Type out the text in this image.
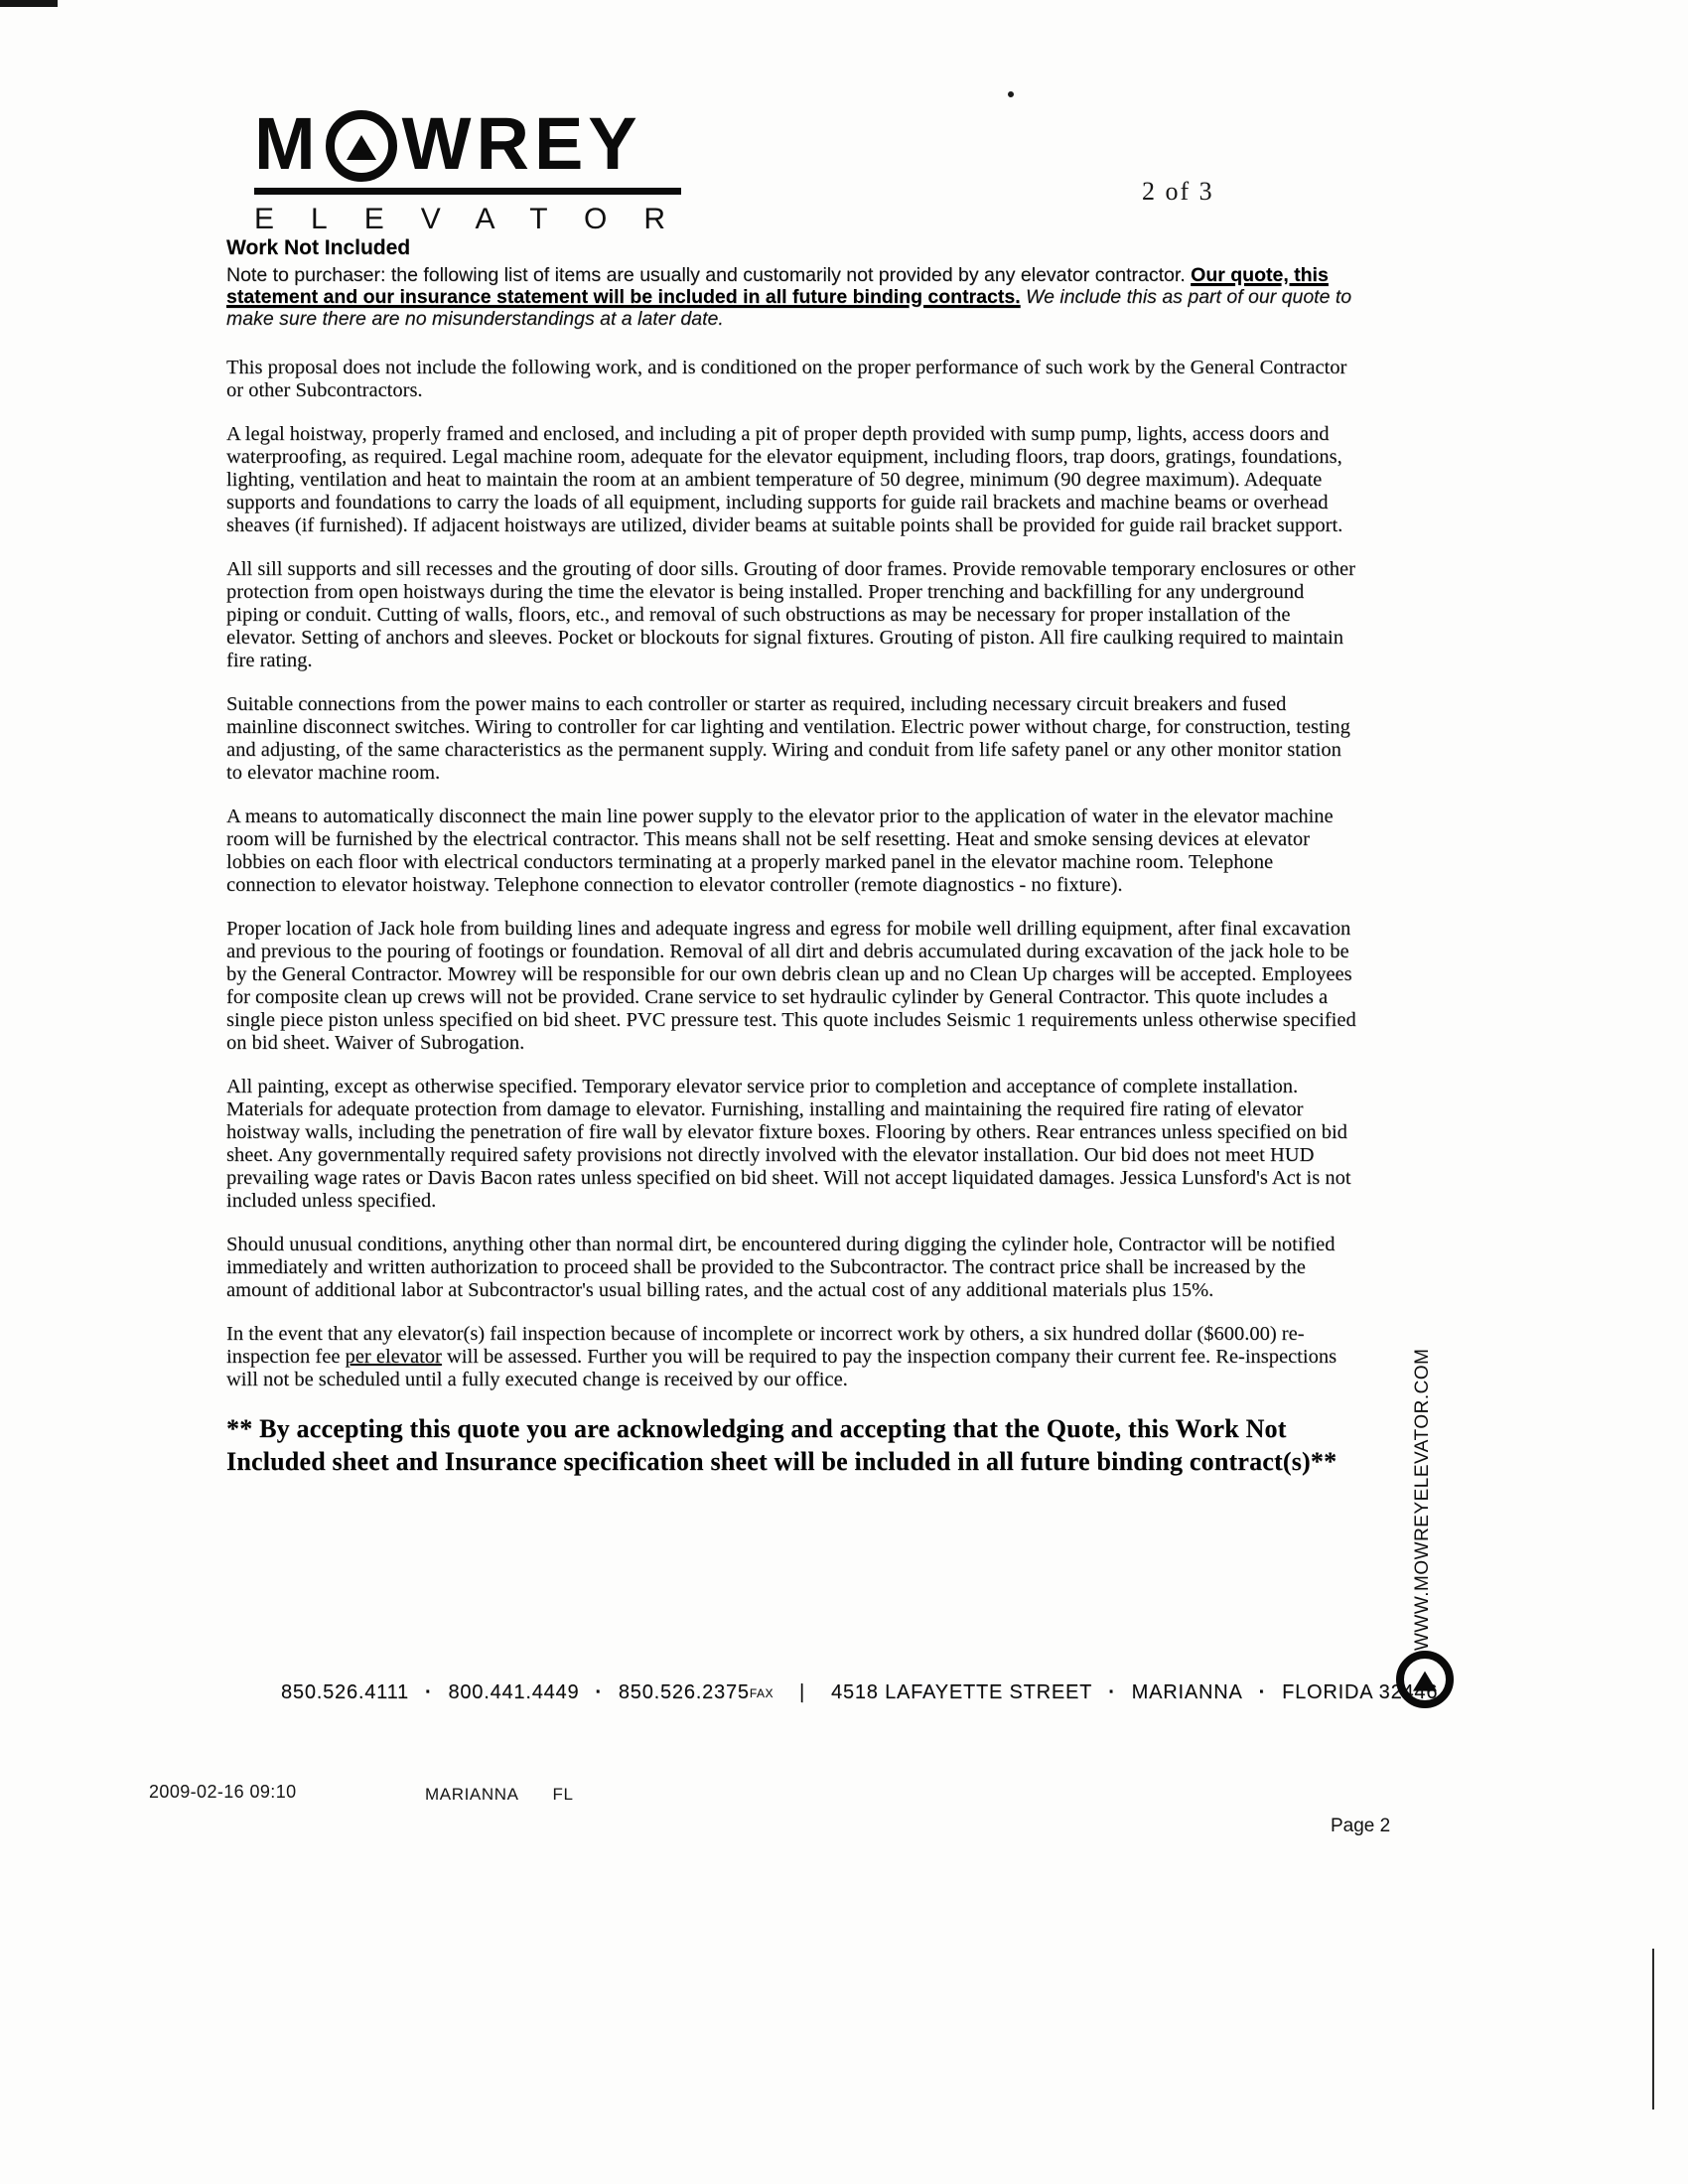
M WREY
ELEVATOR
2 of 3
Work Not Included

Note to purchaser: the following list of items are usually and customarily not provided by any elevator contractor. Our quote, this statement and our insurance statement will be included in all future binding contracts. We include this as part of our quote to make sure there are no misunderstandings at a later date.

This proposal does not include the following work, and is conditioned on the proper performance of such work by the General Contractor or other Subcontractors.

A legal hoistway, properly framed and enclosed, and including a pit of proper depth provided with sump pump, lights, access doors and waterproofing, as required. Legal machine room, adequate for the elevator equipment, including floors, trap doors, gratings, foundations, lighting, ventilation and heat to maintain the room at an ambient temperature of 50 degree, minimum (90 degree maximum). Adequate supports and foundations to carry the loads of all equipment, including supports for guide rail brackets and machine beams or overhead sheaves (if furnished). If adjacent hoistways are utilized, divider beams at suitable points shall be provided for guide rail bracket support.

All sill supports and sill recesses and the grouting of door sills. Grouting of door frames. Provide removable temporary enclosures or other protection from open hoistways during the time the elevator is being installed. Proper trenching and backfilling for any underground piping or conduit. Cutting of walls, floors, etc., and removal of such obstructions as may be necessary for proper installation of the elevator. Setting of anchors and sleeves. Pocket or blockouts for signal fixtures. Grouting of piston. All fire caulking required to maintain fire rating.

Suitable connections from the power mains to each controller or starter as required, including necessary circuit breakers and fused mainline disconnect switches. Wiring to controller for car lighting and ventilation. Electric power without charge, for construction, testing and adjusting, of the same characteristics as the permanent supply. Wiring and conduit from life safety panel or any other monitor station to elevator machine room.

A means to automatically disconnect the main line power supply to the elevator prior to the application of water in the elevator machine room will be furnished by the electrical contractor. This means shall not be self resetting. Heat and smoke sensing devices at elevator lobbies on each floor with electrical conductors terminating at a properly marked panel in the elevator machine room. Telephone connection to elevator hoistway. Telephone connection to elevator controller (remote diagnostics - no fixture).

Proper location of Jack hole from building lines and adequate ingress and egress for mobile well drilling equipment, after final excavation and previous to the pouring of footings or foundation. Removal of all dirt and debris accumulated during excavation of the jack hole to be by the General Contractor. Mowrey will be responsible for our own debris clean up and no Clean Up charges will be accepted. Employees for composite clean up crews will not be provided. Crane service to set hydraulic cylinder by General Contractor. This quote includes a single piece piston unless specified on bid sheet. PVC pressure test. This quote includes Seismic 1 requirements unless otherwise specified on bid sheet. Waiver of Subrogation.

All painting, except as otherwise specified. Temporary elevator service prior to completion and acceptance of complete installation. Materials for adequate protection from damage to elevator. Furnishing, installing and maintaining the required fire rating of elevator hoistway walls, including the penetration of fire wall by elevator fixture boxes. Flooring by others. Rear entrances unless specified on bid sheet. Any governmentally required safety provisions not directly involved with the elevator installation. Our bid does not meet HUD prevailing wage rates or Davis Bacon rates unless specified on bid sheet. Will not accept liquidated damages. Jessica Lunsford's Act is not included unless specified.

Should unusual conditions, anything other than normal dirt, be encountered during digging the cylinder hole, Contractor will be notified immediately and written authorization to proceed shall be provided to the Subcontractor. The contract price shall be increased by the amount of additional labor at Subcontractor's usual billing rates, and the actual cost of any additional materials plus 15%.

In the event that any elevator(s) fail inspection because of incomplete or incorrect work by others, a six hundred dollar ($600.00) re-inspection fee per elevator will be assessed. Further you will be required to pay the inspection company their current fee. Re-inspections will not be scheduled until a fully executed change is received by our office.

** By accepting this quote you are acknowledging and accepting that the Quote, this Work Not Included sheet and Insurance specification sheet will be included in all future binding contract(s)**

850.526.4111 · 800.441.4449 · 850.526.2375FAX | 4518 LAFAYETTE STREET · MARIANNA · FLORIDA 32446
WWW.MOWREYELEVATOR.COM
2009-02-16 09:10	MARIANNA FL
Page 2
